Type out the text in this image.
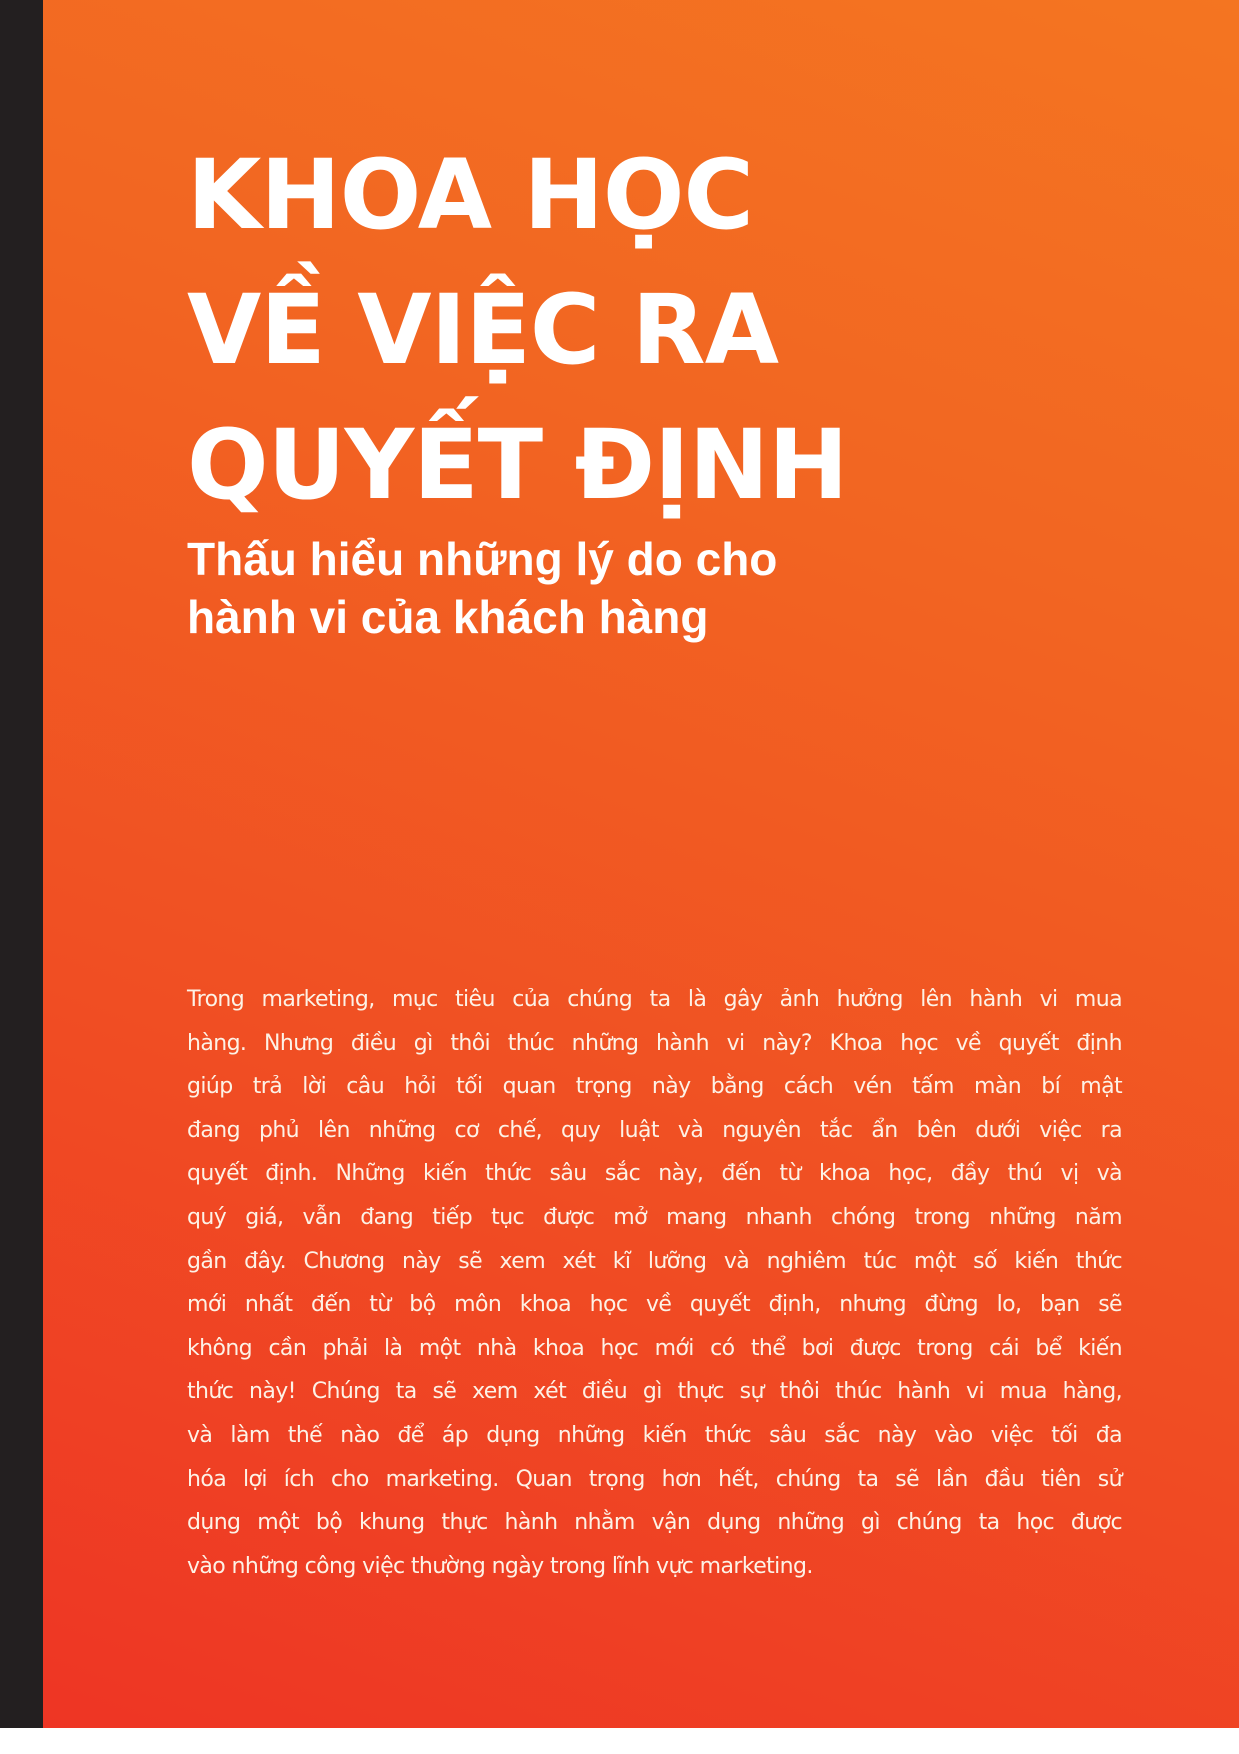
KHOA HỌC
VỀ VIỆC RA
QUYẾT ĐỊNH
Thấu hiểu những lý do cho
hành vi của khách hàng

Trong marketing, mục tiêu của chúng ta là gây ảnh hưởng lên hành vi mua
hàng. Nhưng điều gì thôi thúc những hành vi này? Khoa học về quyết định
giúp trả lời câu hỏi tối quan trọng này bằng cách vén tấm màn bí mật
đang phủ lên những cơ chế, quy luật và nguyên tắc ẩn bên dưới việc ra
quyết định. Những kiến thức sâu sắc này, đến từ khoa học, đầy thú vị và
quý giá, vẫn đang tiếp tục được mở mang nhanh chóng trong những năm
gần đây. Chương này sẽ xem xét kĩ lưỡng và nghiêm túc một số kiến thức
mới nhất đến từ bộ môn khoa học về quyết định, nhưng đừng lo, bạn sẽ
không cần phải là một nhà khoa học mới có thể bơi được trong cái bể kiến
thức này! Chúng ta sẽ xem xét điều gì thực sự thôi thúc hành vi mua hàng,
và làm thế nào để áp dụng những kiến thức sâu sắc này vào việc tối đa
hóa lợi ích cho marketing. Quan trọng hơn hết, chúng ta sẽ lần đầu tiên sử
dụng một bộ khung thực hành nhằm vận dụng những gì chúng ta học được
vào những công việc thường ngày trong lĩnh vực marketing.
